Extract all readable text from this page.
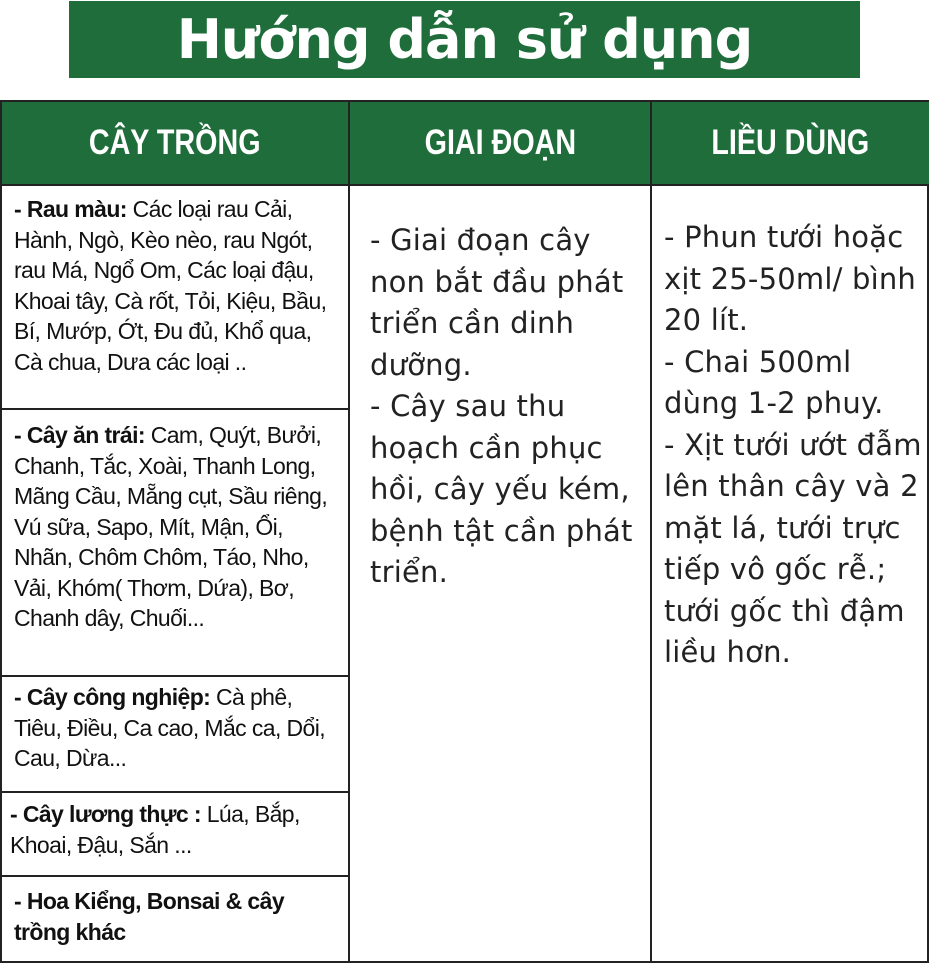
Hướng dẫn sử dụng
CÂY TRỒNG	GIAI ĐOẠN	LIỀU DÙNG
- Rau màu: Các loại rau Cải, Hành, Ngò, Kèo nèo, rau Ngót, rau Má, Ngổ Om, Các loại đậu, Khoai tây, Cà rốt, Tỏi, Kiệu, Bầu, Bí, Mướp, Ớt, Đu đủ, Khổ qua, Cà chua, Dưa các loại ..
- Cây ăn trái: Cam, Quýt, Bưởi, Chanh, Tắc, Xoài, Thanh Long, Mãng Cầu, Mẵng cụt, Sầu riêng, Vú sữa, Sapo, Mít, Mận, Ổi, Nhãn, Chôm Chôm, Táo, Nho, Vải, Khóm( Thơm, Dứa), Bơ, Chanh dây, Chuối...
- Cây công nghiệp: Cà phê, Tiêu, Điều, Ca cao, Mắc ca, Dổi, Cau, Dừa...
- Cây lương thực : Lúa, Bắp, Khoai, Đậu, Sắn ...
- Hoa Kiểng, Bonsai & cây trồng khác

- Giai đoạn cây non bắt đầu phát triển cần dinh dưỡng.

- Cây sau thu hoạch cần phục hồi, cây yếu kém, bệnh tật cần phát triển.

- Phun tưới hoặc xịt 25-50ml/ bình 20 lít.

- Chai 500ml dùng 1-2 phuy.

- Xịt tưới ướt đẫm lên thân cây và 2 mặt lá, tưới trực tiếp vô gốc rễ.; tưới gốc thì đậm liều hơn.
